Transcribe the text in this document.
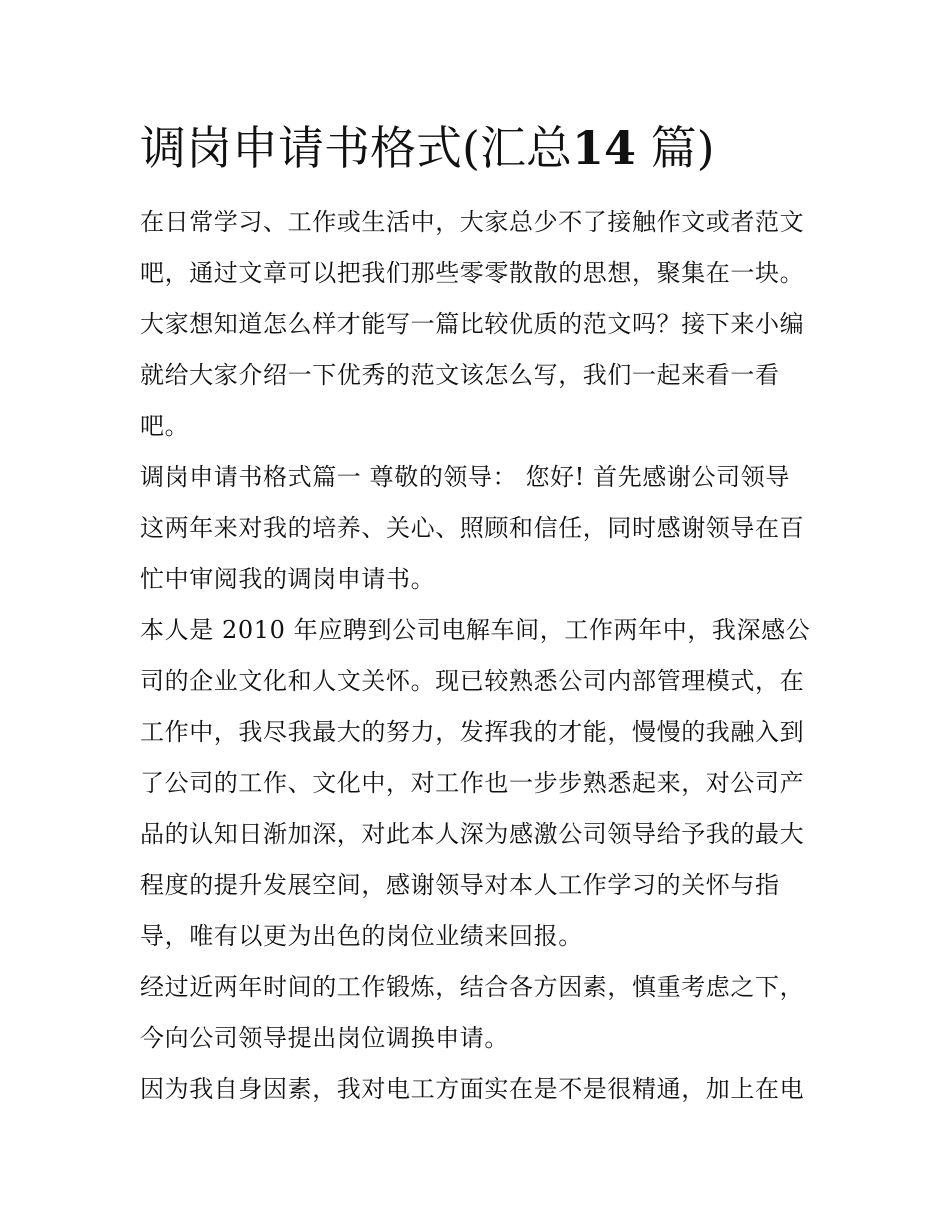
调岗申请书格式(汇总14 篇)
在日常学习、工作或生活中，大家总少不了接触作文或者范文
吧，通过文章可以把我们那些零零散散的思想，聚集在一块。
大家想知道怎么样才能写一篇比较优质的范文吗？接下来小编
就给大家介绍一下优秀的范文该怎么写，我们一起来看一看
吧。
调岗申请书格式篇一 尊敬的领导： 您好! 首先感谢公司领导
这两年来对我的培养、关心、照顾和信任，同时感谢领导在百
忙中审阅我的调岗申请书。
本人是 2010 年应聘到公司电解车间，工作两年中，我深感公
司的企业文化和人文关怀。现已较熟悉公司内部管理模式，在
工作中，我尽我最大的努力，发挥我的才能，慢慢的我融入到
了公司的工作、文化中，对工作也一步步熟悉起来，对公司产
品的认知日渐加深，对此本人深为感激公司领导给予我的最大
程度的提升发展空间，感谢领导对本人工作学习的关怀与指
导，唯有以更为出色的岗位业绩来回报。
经过近两年时间的工作锻炼，结合各方因素，慎重考虑之下，
今向公司领导提出岗位调换申请。
因为我自身因素，我对电工方面实在是不是很精通，加上在电
